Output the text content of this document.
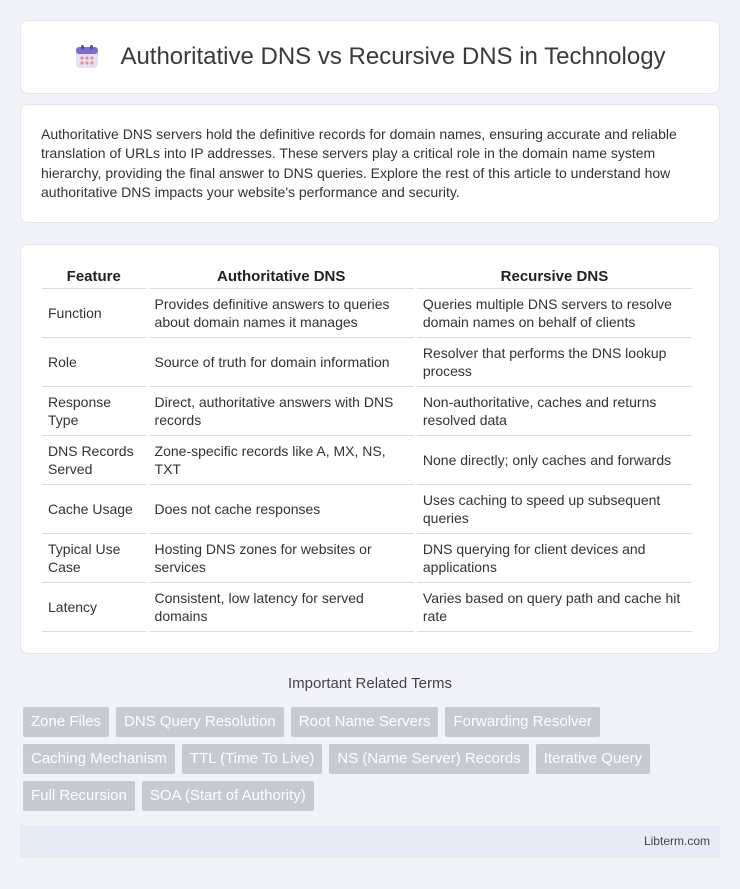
Authoritative DNS vs Recursive DNS in Technology

Authoritative DNS servers hold the definitive records for domain names, ensuring accurate and reliable translation of URLs into IP addresses. These servers play a critical role in the domain name system hierarchy, providing the final answer to DNS queries. Explore the rest of this article to understand how authoritative DNS impacts your website's performance and security.

Feature	Authoritative DNS	Recursive DNS
Function	Provides definitive answers to queries about domain names it manages	Queries multiple DNS servers to resolve domain names on behalf of clients
Role	Source of truth for domain information	Resolver that performs the DNS lookup process
Response Type	Direct, authoritative answers with DNS records	Non-authoritative, caches and returns resolved data
DNS Records Served	Zone-specific records like A, MX, NS, TXT	None directly; only caches and forwards
Cache Usage	Does not cache responses	Uses caching to speed up subsequent queries
Typical Use Case	Hosting DNS zones for websites or services	DNS querying for client devices and applications
Latency	Consistent, low latency for served domains	Varies based on query path and cache hit rate
Important Related Terms
Zone Files	DNS Query Resolution	Root Name Servers	Forwarding Resolver
Caching Mechanism	TTL (Time To Live)	NS (Name Server) Records	Iterative Query
Full Recursion	SOA (Start of Authority)
Libterm.com
